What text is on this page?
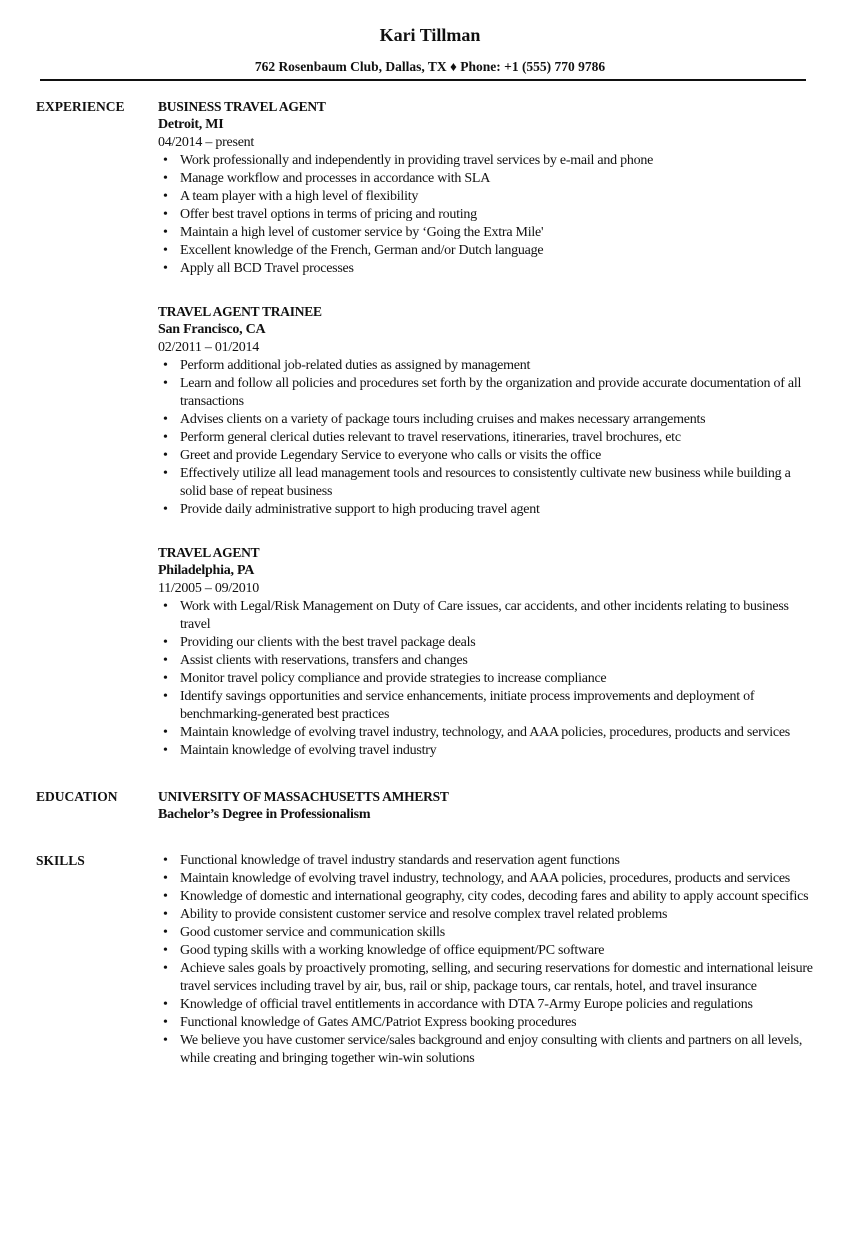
Kari Tillman
762 Rosenbaum Club, Dallas, TX ♦ Phone: +1 (555) 770 9786
EXPERIENCE	BUSINESS TRAVEL AGENT
Detroit, MI
04/2014 – present
• Work professionally and independently in providing travel services by e-mail and phone
• Manage workflow and processes in accordance with SLA
• A team player with a high level of flexibility
• Offer best travel options in terms of pricing and routing
• Maintain a high level of customer service by ‘Going the Extra Mile'
• Excellent knowledge of the French, German and/or Dutch language
• Apply all BCD Travel processes
TRAVEL AGENT TRAINEE
San Francisco, CA
02/2011 – 01/2014
• Perform additional job-related duties as assigned by management
• Learn and follow all policies and procedures set forth by the organization and provide accurate documentation of all transactions
• Advises clients on a variety of package tours including cruises and makes necessary arrangements
• Perform general clerical duties relevant to travel reservations, itineraries, travel brochures, etc
• Greet and provide Legendary Service to everyone who calls or visits the office
• Effectively utilize all lead management tools and resources to consistently cultivate new business while building a solid base of repeat business
• Provide daily administrative support to high producing travel agent
TRAVEL AGENT
Philadelphia, PA
11/2005 – 09/2010
• Work with Legal/Risk Management on Duty of Care issues, car accidents, and other incidents relating to business travel
• Providing our clients with the best travel package deals
• Assist clients with reservations, transfers and changes
• Monitor travel policy compliance and provide strategies to increase compliance
• Identify savings opportunities and service enhancements, initiate process improvements and deployment of benchmarking-generated best practices
• Maintain knowledge of evolving travel industry, technology, and AAA policies, procedures, products and services
• Maintain knowledge of evolving travel industry
EDUCATION	UNIVERSITY OF MASSACHUSETTS AMHERST
Bachelor’s Degree in Professionalism
SKILLS	• Functional knowledge of travel industry standards and reservation agent functions
• Maintain knowledge of evolving travel industry, technology, and AAA policies, procedures, products and services
• Knowledge of domestic and international geography, city codes, decoding fares and ability to apply account specifics
• Ability to provide consistent customer service and resolve complex travel related problems
• Good customer service and communication skills
• Good typing skills with a working knowledge of office equipment/PC software
• Achieve sales goals by proactively promoting, selling, and securing reservations for domestic and international leisure travel services including travel by air, bus, rail or ship, package tours, car rentals, hotel, and travel insurance
• Knowledge of official travel entitlements in accordance with DTA 7-Army Europe policies and regulations
• Functional knowledge of Gates AMC/Patriot Express booking procedures
• We believe you have customer service/sales background and enjoy consulting with clients and partners on all levels, while creating and bringing together win-win solutions
